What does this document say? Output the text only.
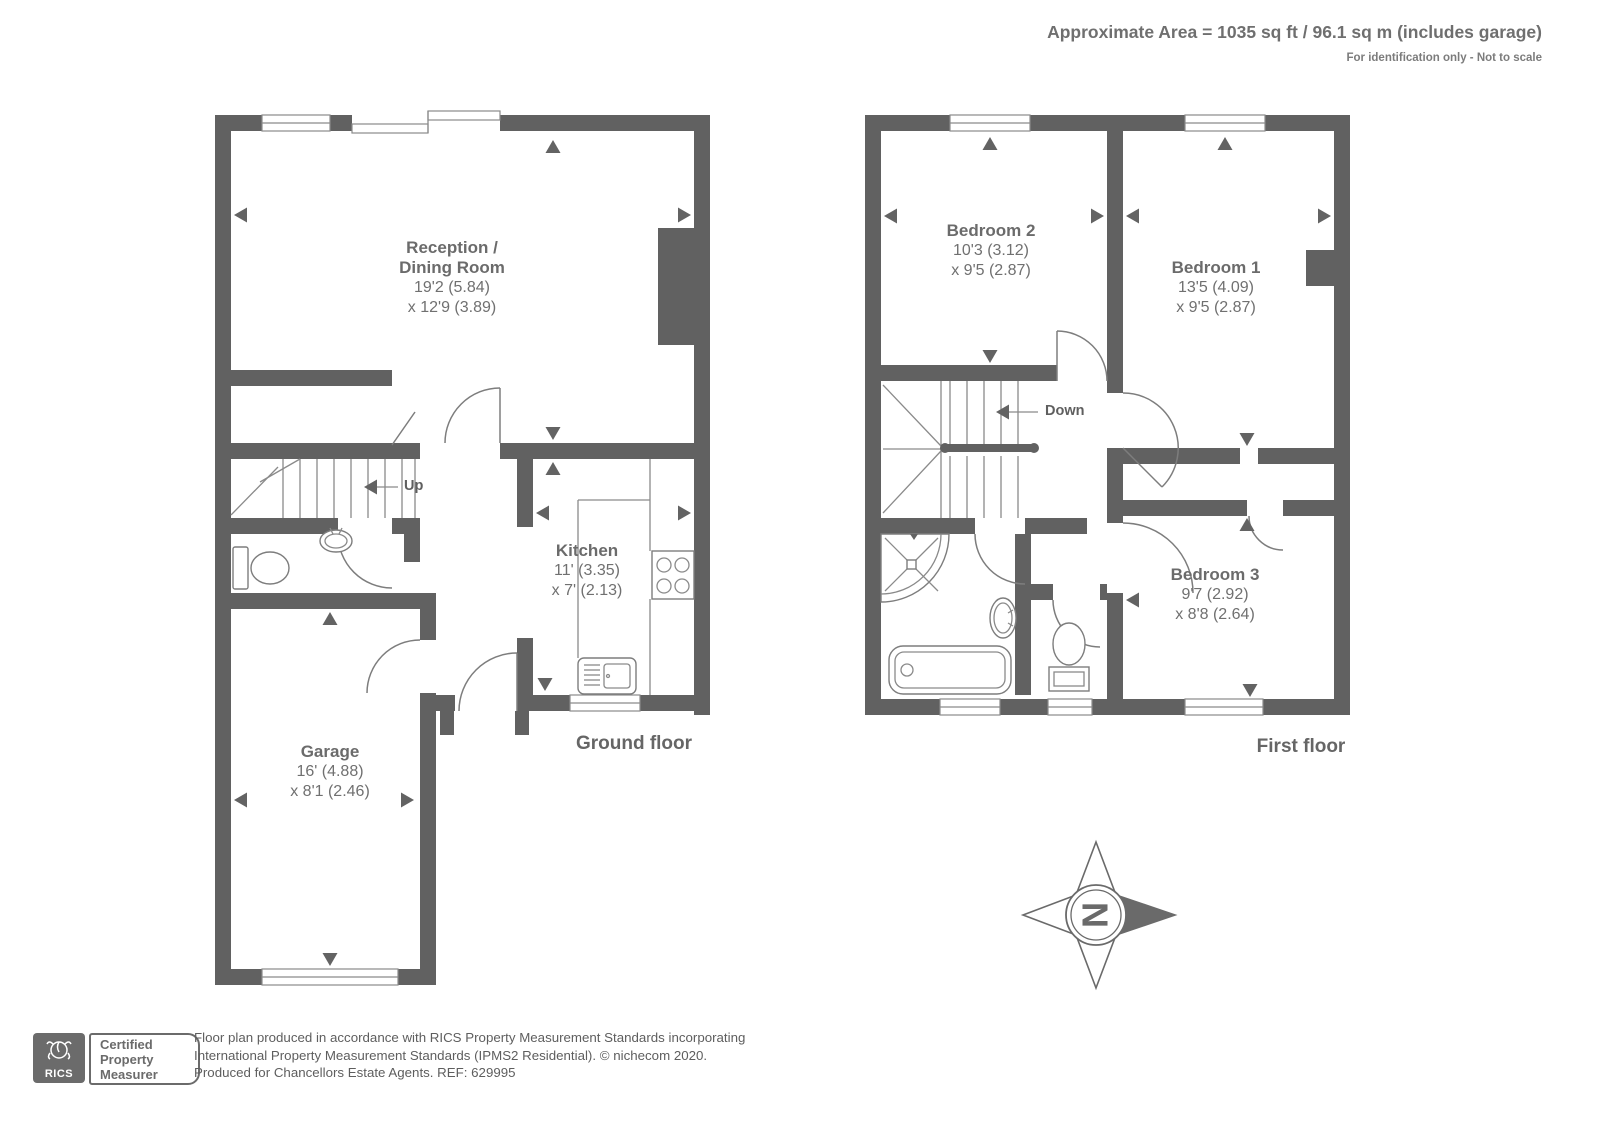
N
Approximate Area = 1035 sq ft / 96.1 sq m (includes garage)
For identification only - Not to scale
Reception /
Dining Room
19'2 (5.84)
x 12'9 (3.89)
Kitchen
11' (3.35)
x 7' (2.13)
Garage
16' (4.88)
x 8'1 (2.46)
Bedroom 2
10'3 (3.12)
x 9'5 (2.87)	Bedroom 1
13'5 (4.09)
x 9'5 (2.87)
Bedroom 3
9'7 (2.92)
x 8'8 (2.64)
Up
Down
Ground floor	First floor
RICS
Certified
Property
Measurer
Floor plan produced in accordance with RICS Property Measurement Standards incorporating
International Property Measurement Standards (IPMS2 Residential). © nichecom 2020.
Produced for Chancellors Estate Agents. REF: 629995
